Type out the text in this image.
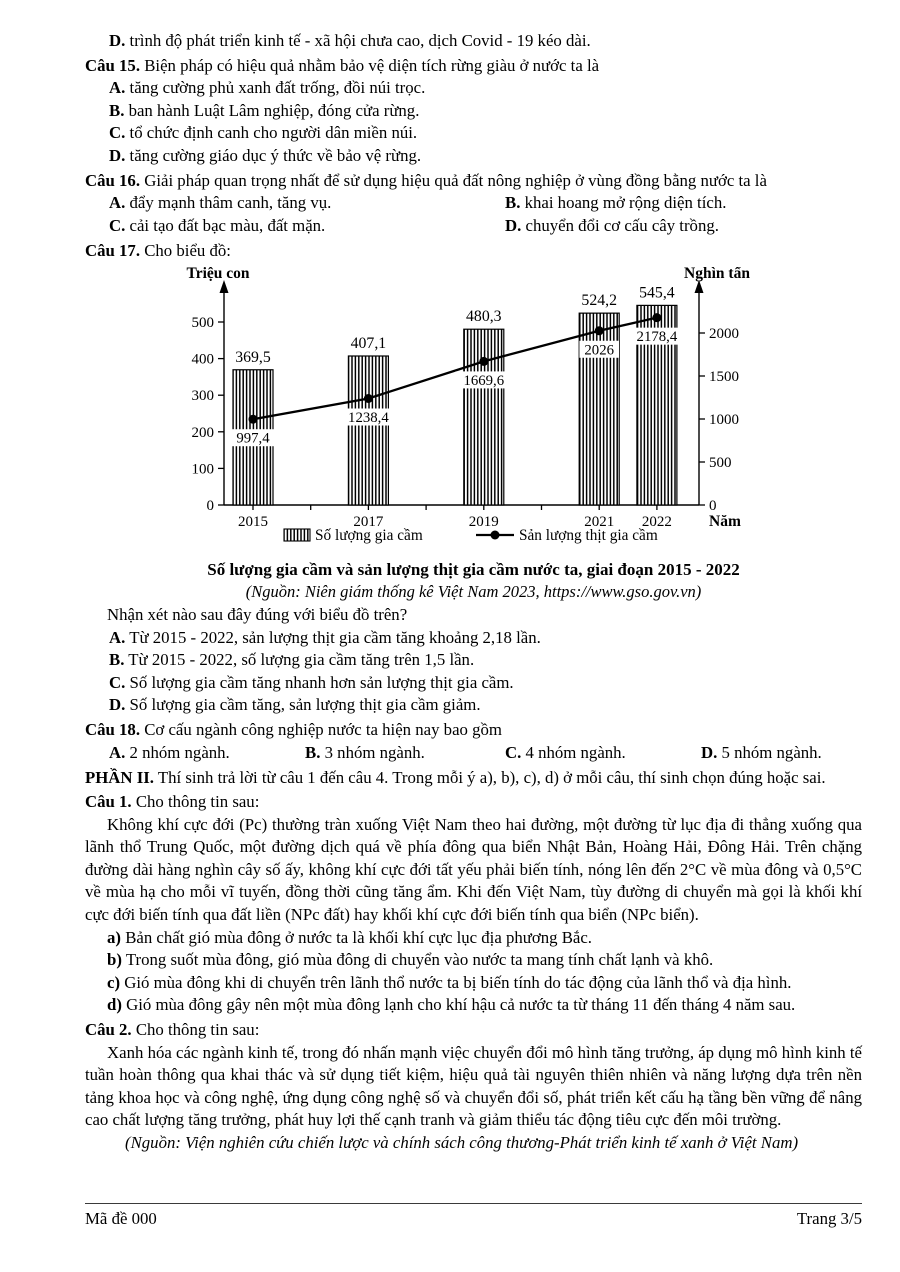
D. trình độ phát triển kinh tế - xã hội chưa cao, dịch Covid - 19 kéo dài.

Câu 15. Biện pháp có hiệu quả nhằm bảo vệ diện tích rừng giàu ở nước ta là

A. tăng cường phủ xanh đất trống, đồi núi trọc.

B. ban hành Luật Lâm nghiệp, đóng cửa rừng.

C. tổ chức định canh cho người dân miền núi.

D. tăng cường giáo dục ý thức về bảo vệ rừng.

Câu 16. Giải pháp quan trọng nhất để sử dụng hiệu quả đất nông nghiệp ở vùng đồng bằng nước ta là

A. đẩy mạnh thâm canh, tăng vụ.	B. khai hoang mở rộng diện tích.
C. cải tạo đất bạc màu, đất mặn.	D. chuyển đổi cơ cấu cây trồng.

Câu 17. Cho biểu đồ:

Triệu con	Nghìn tấn
0
100
200
300
400
500
0
500
1000
1500
2000
2015	2017	2019	2021 2022 Năm
369,5
407,1
480,3
524,2 545,4
997,4
1238,4
1669,6
2026
2178,4
Số lượng gia cầm	Sản lượng thịt gia cầm
Số lượng gia cầm và sản lượng thịt gia cầm nước ta, giai đoạn 2015 - 2022
(Nguồn: Niên giám thống kê Việt Nam 2023, https://www.gso.gov.vn)

Nhận xét nào sau đây đúng với biểu đồ trên?

A. Từ 2015 - 2022, sản lượng thịt gia cầm tăng khoảng 2,18 lần.

B. Từ 2015 - 2022, số lượng gia cầm tăng trên 1,5 lần.

C. Số lượng gia cầm tăng nhanh hơn sản lượng thịt gia cầm.

D. Số lượng gia cầm tăng, sản lượng thịt gia cầm giảm.

Câu 18. Cơ cấu ngành công nghiệp nước ta hiện nay bao gồm

A. 2 nhóm ngành.	B. 3 nhóm ngành.	C. 4 nhóm ngành.	D. 5 nhóm ngành.

PHẦN II. Thí sinh trả lời từ câu 1 đến câu 4. Trong mỗi ý a), b), c), d) ở mỗi câu, thí sinh chọn đúng hoặc sai.

Câu 1. Cho thông tin sau:

Không khí cực đới (Pc) thường tràn xuống Việt Nam theo hai đường, một đường từ lục địa đi thẳng xuống qua lãnh thổ Trung Quốc, một đường dịch quá về phía đông qua biển Nhật Bản, Hoàng Hải, Đông Hải. Trên chặng đường dài hàng nghìn cây số ấy, không khí cực đới tất yếu phải biến tính, nóng lên đến 2°C về mùa đông và 0,5°C về mùa hạ cho mỗi vĩ tuyến, đồng thời cũng tăng ẩm. Khi đến Việt Nam, tùy đường di chuyển mà gọi là khối khí cực đới biến tính qua đất liền (NPc đất) hay khối khí cực đới biến tính qua biển (NPc biển).

a) Bản chất gió mùa đông ở nước ta là khối khí cực lục địa phương Bắc.

b) Trong suốt mùa đông, gió mùa đông di chuyển vào nước ta mang tính chất lạnh và khô.

c) Gió mùa đông khi di chuyển trên lãnh thổ nước ta bị biến tính do tác động của lãnh thổ và địa hình.

d) Gió mùa đông gây nên một mùa đông lạnh cho khí hậu cả nước ta từ tháng 11 đến tháng 4 năm sau.

Câu 2. Cho thông tin sau:

Xanh hóa các ngành kinh tế, trong đó nhấn mạnh việc chuyển đổi mô hình tăng trưởng, áp dụng mô hình kinh tế tuần hoàn thông qua khai thác và sử dụng tiết kiệm, hiệu quả tài nguyên thiên nhiên và năng lượng dựa trên nền tảng khoa học và công nghệ, ứng dụng công nghệ số và chuyển đổi số, phát triển kết cấu hạ tầng bền vững để nâng cao chất lượng tăng trưởng, phát huy lợi thế cạnh tranh và giảm thiểu tác động tiêu cực đến môi trường.

(Nguồn: Viện nghiên cứu chiến lược và chính sách công thương-Phát triển kinh tế xanh ở Việt Nam)

Mã đề 000	Trang 3/5
